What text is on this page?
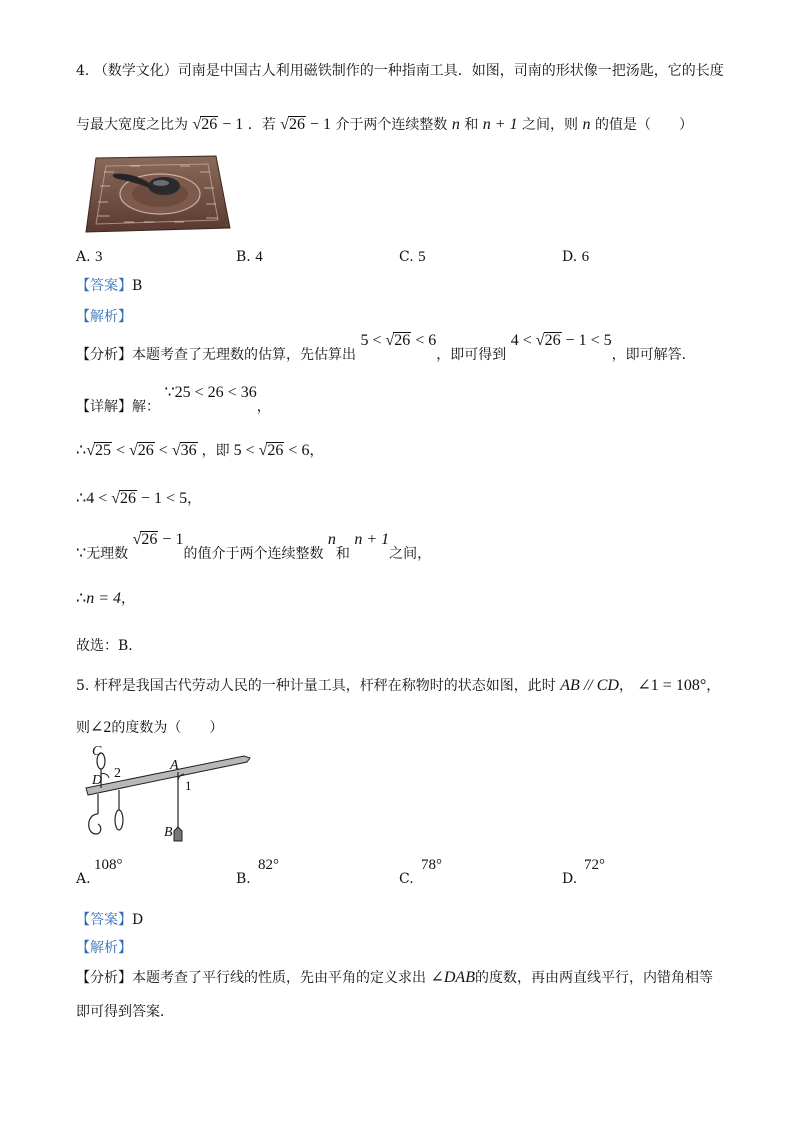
4. （数学文化）司南是中国古人利用磁铁制作的一种指南工具．如图，司南的形状像一把汤匙，它的长度
与最大宽度之比为 √26 − 1 ．若 √26 − 1 介于两个连续整数 n 和 n + 1 之间，则 n 的值是（　　）
A. 3	B. 4	C. 5	D. 6
【答案】B
【解析】
【分析】本题考查了无理数的估算，先估算出 5 < √26 < 6，即可得到 4 < √26 − 1 < 5，即可解答．
【详解】解： ∵25 < 26 < 36，
∴√25 < √26 < √36 ，即 5 < √26 < 6，
∴4 < √26 − 1 < 5，
∵无理数 √26 − 1的值介于两个连续整数 n和 n + 1之间，
∴n = 4，
故选：B．
5. 杆秤是我国古代劳动人民的一种计量工具，杆秤在称物时的状态如图，此时 AB // CD， ∠1 = 108°，
则∠2的度数为（　　）
C
D 2
A
1
B
A.
108°
B.
82°
C.
78°
D.
72°
【答案】D
【解析】
【分析】本题考查了平行线的性质，先由平角的定义求出 ∠DAB的度数，再由两直线平行，内错角相等
即可得到答案．
